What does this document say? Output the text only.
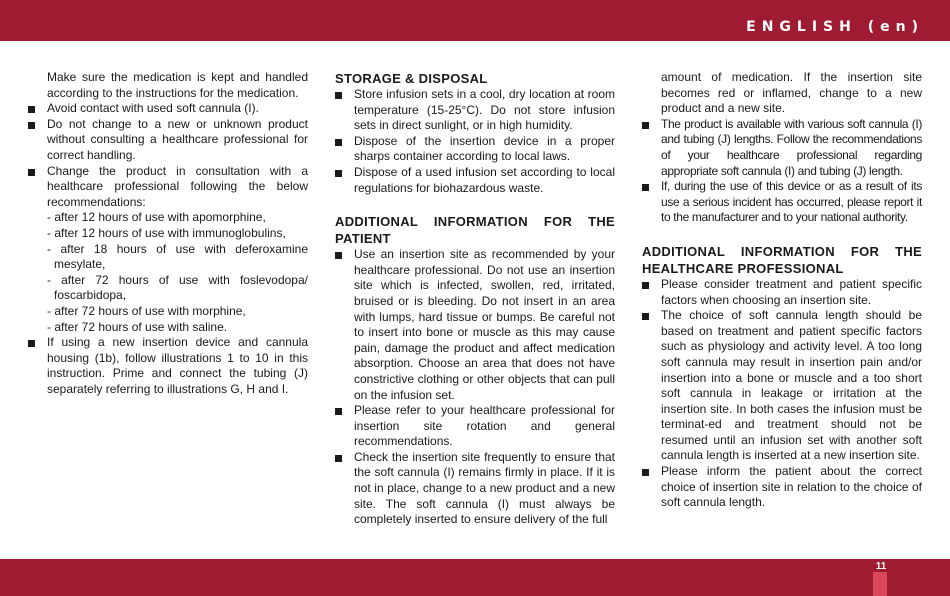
ENGLISH (en)

Make sure the medication is kept and handled according to the instructions for the medication.

Avoid contact with used soft cannula (I).
Do not change to a new or unknown product without consulting a healthcare professional for correct handling.
Change the product in consultation with a healthcare professional following the below recommendations:
- after 12 hours of use with apomorphine,
- after 12 hours of use with immunoglobulins,
- after 18 hours of use with deferoxamine mesylate,
- after 72 hours of use with foslevodopa/ foscarbidopa,
- after 72 hours of use with morphine,
- after 72 hours of use with saline.
If using a new insertion device and cannula housing (1b), follow illustrations 1 to 10 in this instruction. Prime and connect the tubing (J) separately referring to illustrations G, H and I.
STORAGE & DISPOSAL
Store infusion sets in a cool, dry location at room temperature (15-25°C). Do not store infusion sets in direct sunlight, or in high humidity.
Dispose of the insertion device in a proper sharps container according to local laws.
Dispose of a used infusion set according to local regulations for biohazardous waste.
ADDITIONAL INFORMATION FOR THE PATIENT
Use an insertion site as recommended by your healthcare professional. Do not use an insertion site which is infected, swollen, red, irritated, bruised or is bleeding. Do not insert in an area with lumps, hard tissue or bumps. Be careful not to insert into bone or muscle as this may cause pain, damage the product and affect medication absorption. Choose an area that does not have constrictive clothing or other objects that can pull on the infusion set.
Please refer to your healthcare professional for insertion site rotation and general recommendations.
Check the insertion site frequently to ensure that the soft cannula (I) remains firmly in place. If it is not in place, change to a new product and a new site. The soft cannula (I) must always be completely inserted to ensure delivery of the full

amount of medication. If the insertion site becomes red or inflamed, change to a new product and a new site.

The product is available with various soft cannula (I) and tubing (J) lengths. Follow the recommendations of your healthcare professional regarding appropriate soft cannula (I) and tubing (J) length.
If, during the use of this device or as a result of its use a serious incident has occurred, please report it to the manufacturer and to your national authority.
ADDITIONAL INFORMATION FOR THE HEALTHCARE PROFESSIONAL
Please consider treatment and patient specific factors when choosing an insertion site.
The choice of soft cannula length should be based on treatment and patient specific factors such as physiology and activity level. A too long soft cannula may result in insertion pain and/or insertion into a bone or muscle and a too short soft cannula in leakage or irritation at the insertion site. In both cases the infusion must be terminat-ed and treatment should not be resumed until an infusion set with another soft cannula length is inserted at a new insertion site.
Please inform the patient about the correct choice of insertion site in relation to the choice of soft cannula length.
11
